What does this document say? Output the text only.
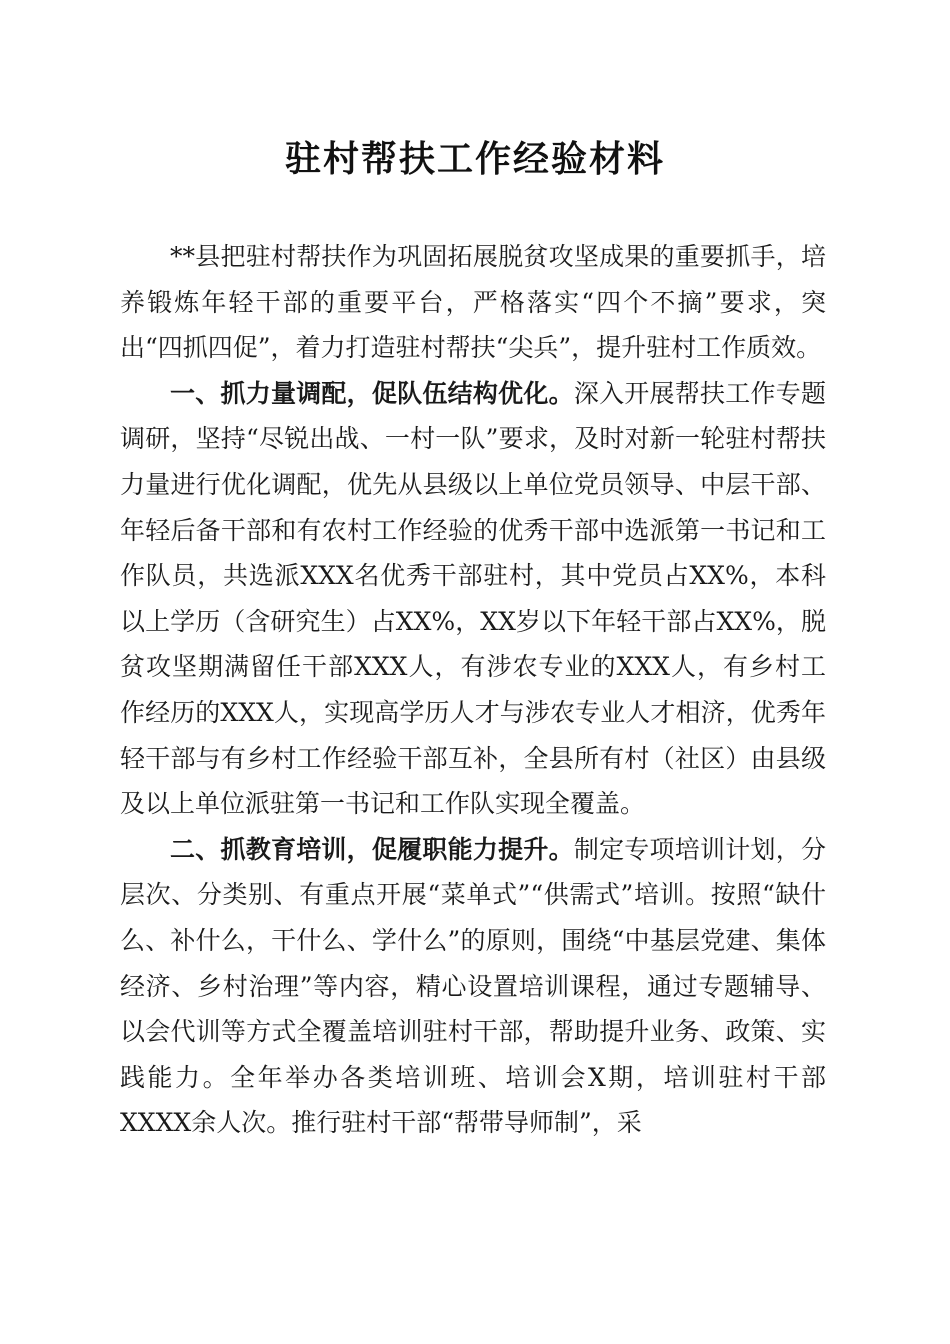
驻村帮扶工作经验材料

**县把驻村帮扶作为巩固拓展脱贫攻坚成果的重要抓手，培养锻炼年轻干部的重要平台，严格落实“四个不摘”要求，突出“四抓四促”，着力打造驻村帮扶“尖兵”，提升驻村工作质效。

一、抓力量调配，促队伍结构优化。深入开展帮扶工作专题调研，坚持“尽锐出战、一村一队”要求，及时对新一轮驻村帮扶力量进行优化调配，优先从县级以上单位党员领导、中层干部、年轻后备干部和有农村工作经验的优秀干部中选派第一书记和工作队员，共选派XXX名优秀干部驻村，其中党员占XX%，本科以上学历（含研究生）占XX%，XX岁以下年轻干部占XX%，脱贫攻坚期满留任干部XXX人，有涉农专业的XXX人，有乡村工作经历的XXX人，实现高学历人才与涉农专业人才相济，优秀年轻干部与有乡村工作经验干部互补，全县所有村（社区）由县级及以上单位派驻第一书记和工作队实现全覆盖。

二、抓教育培训，促履职能力提升。制定专项培训计划，分层次、分类别、有重点开展“菜单式”“供需式”培训。按照“缺什么、补什么，干什么、学什么”的原则，围绕“中基层党建、集体经济、乡村治理”等内容，精心设置培训课程，通过专题辅导、以会代训等方式全覆盖培训驻村干部，帮助提升业务、政策、实践能力。全年举办各类培训班、培训会X期，培训驻村干部XXXX余人次。推行驻村干部“帮带导师制”，采
